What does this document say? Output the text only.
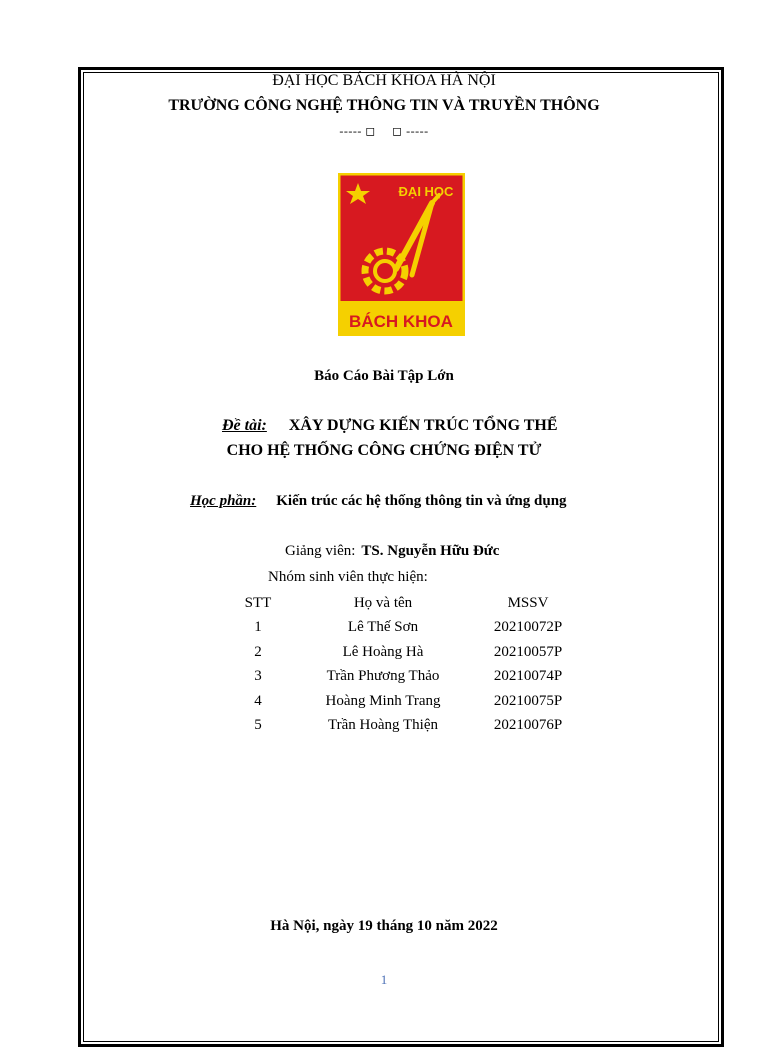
ĐẠI HỌC BÁCH KHOA HÀ NỘI
TRƯỜNG CÔNG NGHỆ THÔNG TIN VÀ TRUYỀN THÔNG
----- ◻ ⃝ ◻ -----
ĐẠI HỌC
BÁCH KHOA
Báo Cáo Bài Tập Lớn
Đề tài: XÂY DỰNG KIẾN TRÚC TỔNG THỂ
CHO HỆ THỐNG CÔNG CHỨNG ĐIỆN TỬ
Học phần: Kiến trúc các hệ thống thông tin và ứng dụng
Giảng viên: TS. Nguyễn Hữu Đức
Nhóm sinh viên thực hiện:
STT	Họ và tên	MSSV
1	Lê Thế Sơn	20210072P
2	Lê Hoàng Hà	20210057P
3	Trần Phương Thảo	20210074P
4	Hoàng Minh Trang	20210075P
5	Trần Hoàng Thiện	20210076P
Hà Nội, ngày 19 tháng 10 năm 2022
1
